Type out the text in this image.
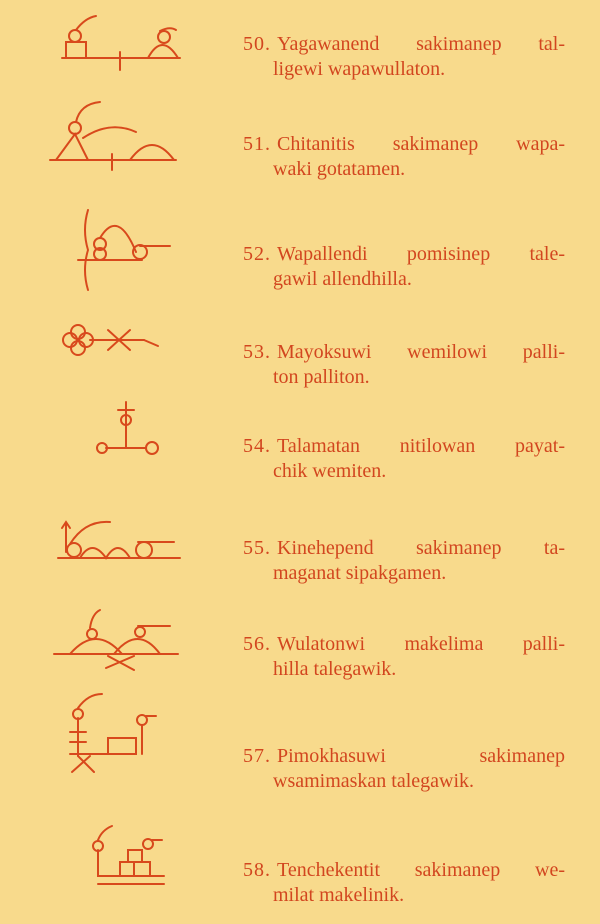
50. Yagawanend sakimanep tal-
ligewi wapawullaton.
51. Chitanitis sakimanep wapa-
waki gotatamen.
52. Wapallendi pomisinep tale-
gawil allendhilla.
53. Mayoksuwi wemilowi palli-
ton palliton.
54. Talamatan nitilowan payat-
chik wemiten.
55. Kinehepend sakimanep ta-
maganat sipakgamen.
56. Wulatonwi makelima palli-
hilla talegawik.
57. Pimokhasuwi sakimanep
wsamimaskan talegawik.
58. Tenchekentit sakimanep we-
milat makelinik.
